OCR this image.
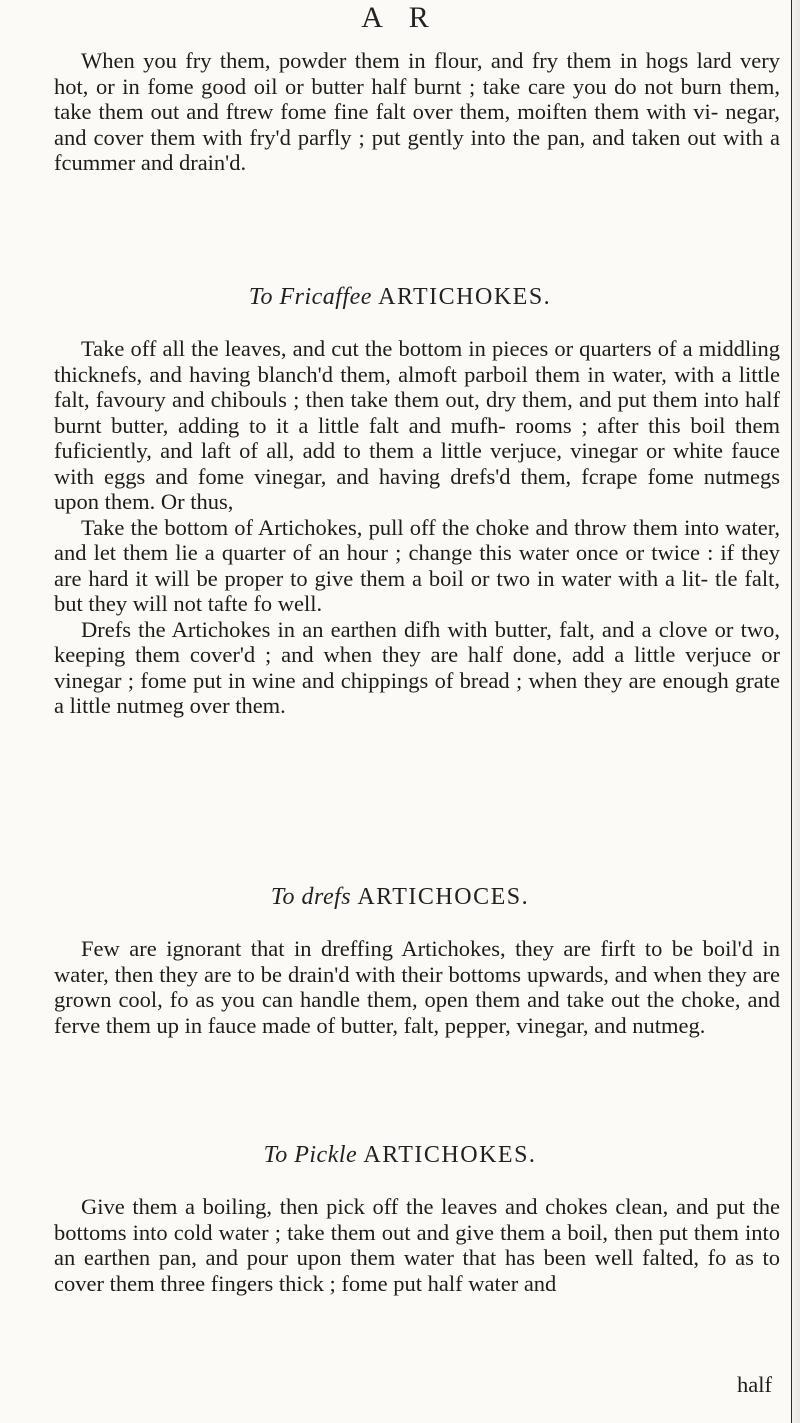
A R

When you fry them, powder them in flour, and fry them in hogs lard very hot, or in fome good oil or butter half burnt ; take care you do not burn them, take them out and ftrew fome fine falt over them, moiften them with vi- negar, and cover them with fry'd parfly ; put gently into the pan, and taken out with a fcummer and drain'd.

To Fricaffee ARTICHOKES.

Take off all the leaves, and cut the bottom in pieces or quarters of a middling thicknefs, and having blanch'd them, almoft parboil them in water, with a little falt, favoury and chibouls ; then take them out, dry them, and put them into half burnt butter, adding to it a little falt and mufh- rooms ; after this boil them fuficiently, and laft of all, add to them a little verjuce, vinegar or white fauce with eggs and fome vinegar, and having drefs'd them, fcrape fome nutmegs upon them. Or thus,

Take the bottom of Artichokes, pull off the choke and throw them into water, and let them lie a quarter of an hour ; change this water once or twice : if they are hard it will be proper to give them a boil or two in water with a lit- tle falt, but they will not tafte fo well.

Drefs the Artichokes in an earthen difh with butter, falt, and a clove or two, keeping them cover'd ; and when they are half done, add a little verjuce or vinegar ; fome put in wine and chippings of bread ; when they are enough grate a little nutmeg over them.

To drefs ARTICHOCES.

Few are ignorant that in dreffing Artichokes, they are firft to be boil'd in water, then they are to be drain'd with their bottoms upwards, and when they are grown cool, fo as you can handle them, open them and take out the choke, and ferve them up in fauce made of butter, falt, pepper, vinegar, and nutmeg.

To Pickle ARTICHOKES.

Give them a boiling, then pick off the leaves and chokes clean, and put the bottoms into cold water ; take them out and give them a boil, then put them into an earthen pan, and pour upon them water that has been well falted, fo as to cover them three fingers thick ; fome put half water and

half
